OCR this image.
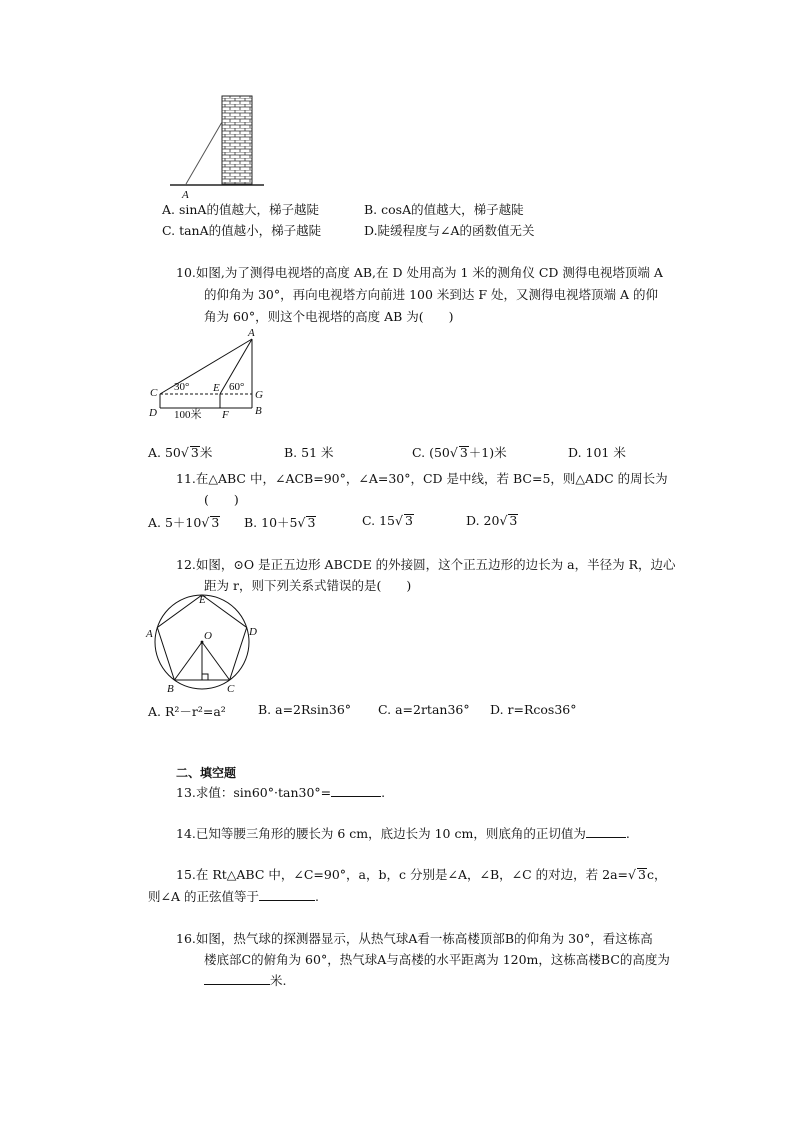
A
A. sinA的值越大，梯子越陡	B. cosA的值越大，梯子越陡
C. tanA的值越小，梯子越陡	D.陡缓程度与∠A的函数值无关
10.如图,为了测得电视塔的高度 AB,在 D 处用高为 1 米的测角仪 CD 测得电视塔顶端 A
的仰角为 30°，再向电视塔方向前进 100 米到达 F 处，又测得电视塔顶端 A 的仰
角为 60°，则这个电视塔的高度 AB 为(　　)
A
C 30° E 60°
G
D 100米 F B
A. 50√ 3米	B. 51 米	C. (50√ 3＋1)米	D. 101 米
11.在△ABC 中，∠ACB=90°，∠A=30°，CD 是中线，若 BC=5，则△ADC 的周长为
(　　)
A. 5＋10√ 3 B. 10＋5√ 3	C. 15√ 3	D. 20√ 3
12.如图，⊙O 是正五边形 ABCDE 的外接圆，这个正五边形的边长为 a，半径为 R，边心
距为 r，则下列关系式错误的是(　　)
E
A	D
O
B	C
A. R²－r²=a²	B. a=2Rsin36° C. a=2rtan36° D. r=Rcos36°
二、填空题
13.求值：sin60°·tan30°=	.
14.已知等腰三角形的腰长为 6 cm，底边长为 10 cm，则底角的正切值为	.
15.在 Rt△ABC 中，∠C=90°，a，b，c 分别是∠A，∠B，∠C 的对边，若 2a=√ 3c，
则∠A 的正弦值等于	.
16.如图，热气球的探测器显示，从热气球A看一栋高楼顶部B的仰角为 30°，看这栋高
楼底部C的俯角为 60°，热气球A与高楼的水平距离为 120m，这栋高楼BC的高度为
米.
